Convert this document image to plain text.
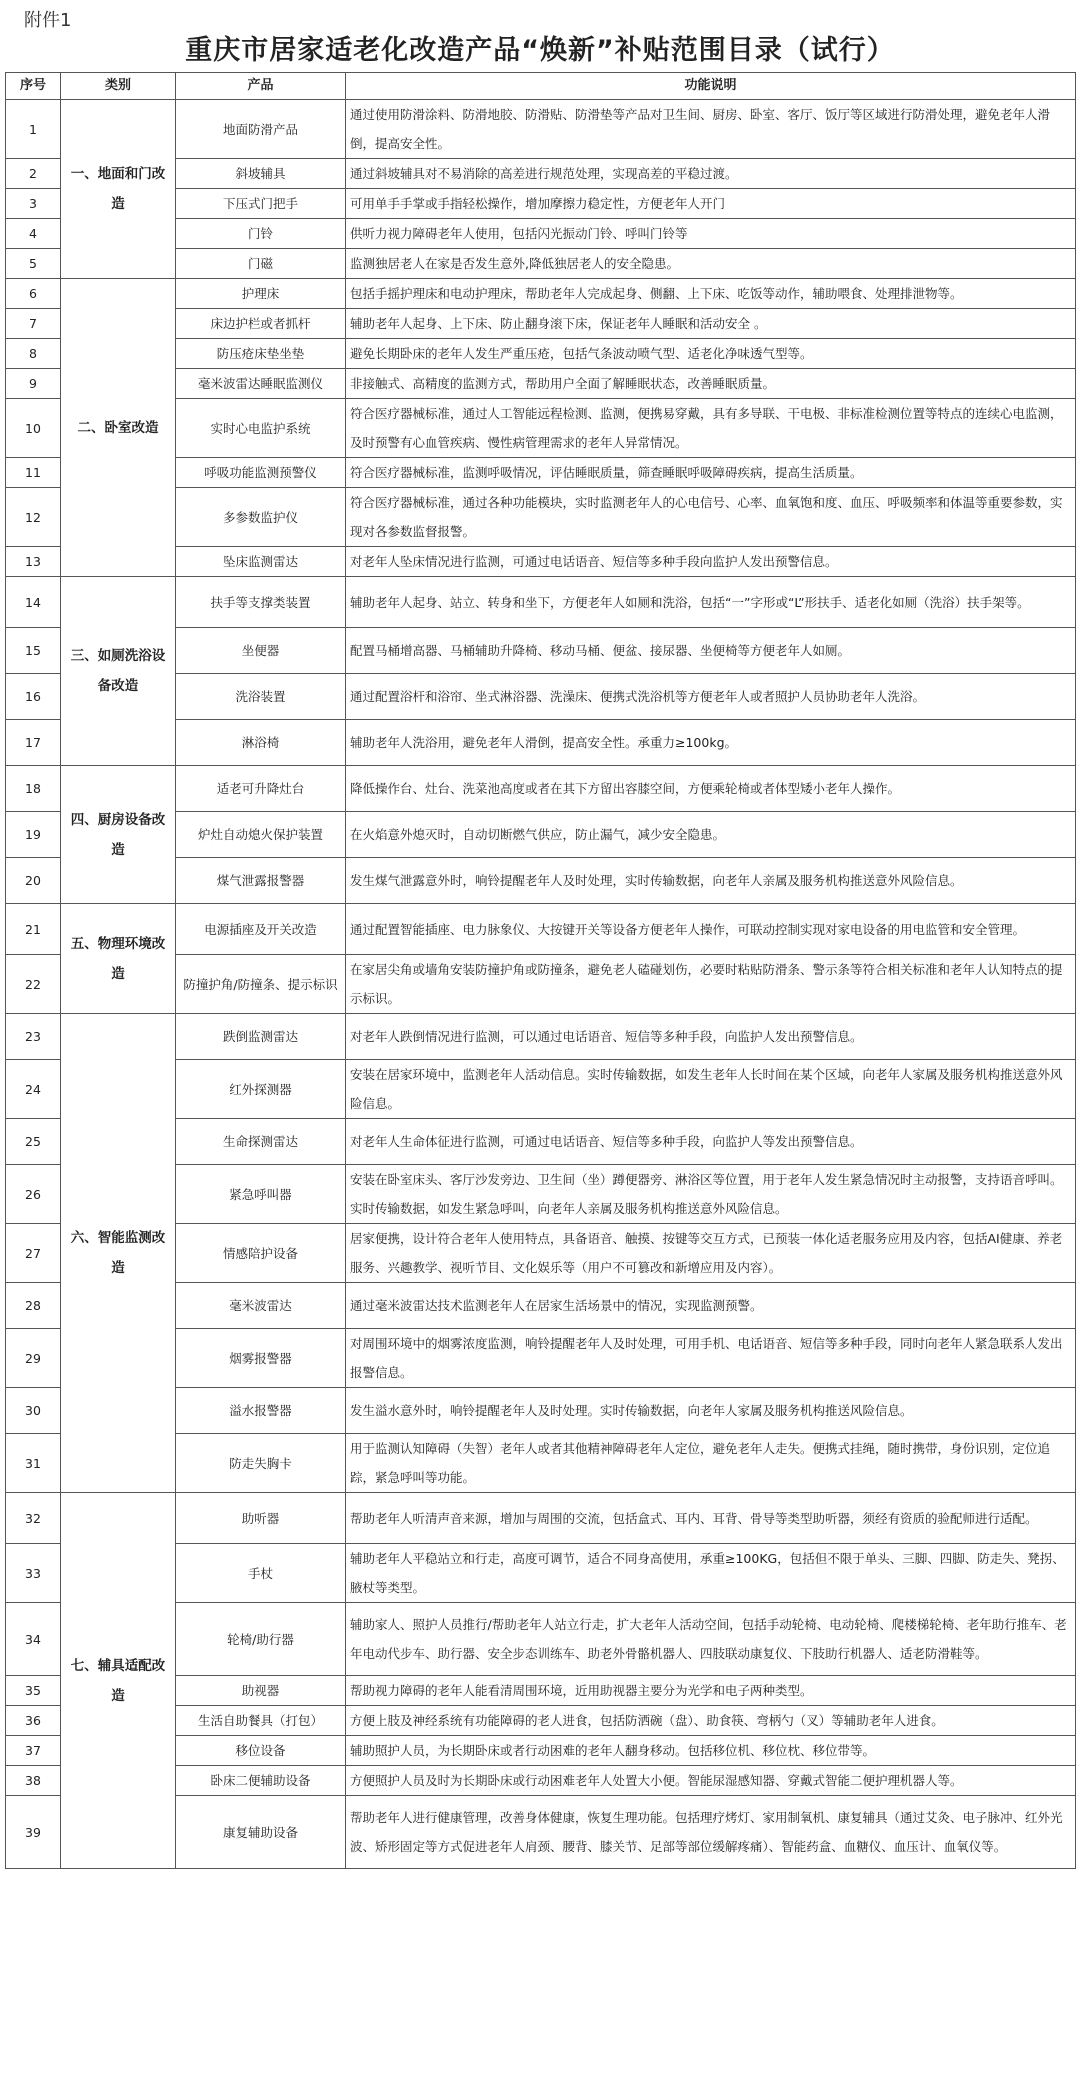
附件1
重庆市居家适老化改造产品“焕新”补贴范围目录（试行）
序号	类别	产品	功能说明
1	一、地面和门改造	地面防滑产品	通过使用防滑涂料、防滑地胶、防滑贴、防滑垫等产品对卫生间、厨房、卧室、客厅、饭厅等区域进行防滑处理，避免老年人滑倒，提高安全性。
2		斜坡辅具	通过斜坡辅具对不易消除的高差进行规范处理，实现高差的平稳过渡。
3		下压式门把手	可用单手手掌或手指轻松操作，增加摩擦力稳定性，方便老年人开门
4		门铃	供听力视力障碍老年人使用，包括闪光振动门铃、呼叫门铃等
5		门磁	监测独居老人在家是否发生意外,降低独居老人的安全隐患。
6	二、卧室改造	护理床	包括手摇护理床和电动护理床，帮助老年人完成起身、侧翻、上下床、吃饭等动作，辅助喂食、处理排泄物等。
7		床边护栏或者抓杆	辅助老年人起身、上下床、防止翻身滚下床，保证老年人睡眠和活动安全 。
8		防压疮床垫坐垫	避免长期卧床的老年人发生严重压疮，包括气条波动喷气型、适老化净味透气型等。
9		毫米波雷达睡眠监测仪	非接触式、高精度的监测方式，帮助用户全面了解睡眠状态，改善睡眠质量。
10		实时心电监护系统	符合医疗器械标准，通过人工智能远程检测、监测，便携易穿戴，具有多导联、干电极、非标准检测位置等特点的连续心电监测，及时预警有心血管疾病、慢性病管理需求的老年人异常情况。
11		呼吸功能监测预警仪	符合医疗器械标准，监测呼吸情况，评估睡眠质量，筛查睡眠呼吸障碍疾病，提高生活质量。
12		多参数监护仪	符合医疗器械标准，通过各种功能模块，实时监测老年人的心电信号、心率、血氧饱和度、血压、呼吸频率和体温等重要参数，实现对各参数监督报警。
13		坠床监测雷达	对老年人坠床情况进行监测，可通过电话语音、短信等多种手段向监护人发出预警信息。
14	三、如厕洗浴设备改造	扶手等支撑类装置	辅助老年人起身、站立、转身和坐下，方便老年人如厕和洗浴，包括“一”字形或“L”形扶手、适老化如厕（洗浴）扶手架等。
15		坐便器	配置马桶增高器、马桶辅助升降椅、移动马桶、便盆、接尿器、坐便椅等方便老年人如厕。
16		洗浴装置	通过配置浴杆和浴帘、坐式淋浴器、洗澡床、便携式洗浴机等方便老年人或者照护人员协助老年人洗浴。
17		淋浴椅	辅助老年人洗浴用，避免老年人滑倒，提高安全性。承重力≥100kg。
18	四、厨房设备改造	适老可升降灶台	降低操作台、灶台、洗菜池高度或者在其下方留出容膝空间，方便乘轮椅或者体型矮小老年人操作。
19		炉灶自动熄火保护装置	在火焰意外熄灭时，自动切断燃气供应，防止漏气，减少安全隐患。
20		煤气泄露报警器	发生煤气泄露意外时，响铃提醒老年人及时处理，实时传输数据，向老年人亲属及服务机构推送意外风险信息。
21	五、物理环境改造	电源插座及开关改造	通过配置智能插座、电力脉象仪、大按键开关等设备方便老年人操作，可联动控制实现对家电设备的用电监管和安全管理。
22		防撞护角/防撞条、提示标识	在家居尖角或墙角安装防撞护角或防撞条，避免老人磕碰划伤，必要时粘贴防滑条、警示条等符合相关标准和老年人认知特点的提示标识。
23	六、智能监测改造	跌倒监测雷达	对老年人跌倒情况进行监测，可以通过电话语音、短信等多种手段，向监护人发出预警信息。
24		红外探测器	安装在居家环境中，监测老年人活动信息。实时传输数据，如发生老年人长时间在某个区域，向老年人家属及服务机构推送意外风险信息。
25		生命探测雷达	对老年人生命体征进行监测，可通过电话语音、短信等多种手段，向监护人等发出预警信息。
26		紧急呼叫器	安装在卧室床头、客厅沙发旁边、卫生间（坐）蹲便器旁、淋浴区等位置，用于老年人发生紧急情况时主动报警，支持语音呼叫。实时传输数据，如发生紧急呼叫，向老年人亲属及服务机构推送意外风险信息。
27		情感陪护设备	居家便携，设计符合老年人使用特点，具备语音、触摸、按键等交互方式，已预装一体化适老服务应用及内容，包括AI健康、养老服务、兴趣教学、视听节目、文化娱乐等（用户不可篡改和新增应用及内容）。
28		毫米波雷达	通过毫米波雷达技术监测老年人在居家生活场景中的情况，实现监测预警。
29		烟雾报警器	对周围环境中的烟雾浓度监测，响铃提醒老年人及时处理，可用手机、电话语音、短信等多种手段，同时向老年人紧急联系人发出报警信息。
30		溢水报警器	发生溢水意外时，响铃提醒老年人及时处理。实时传输数据，向老年人家属及服务机构推送风险信息。
31		防走失胸卡	用于监测认知障碍（失智）老年人或者其他精神障碍老年人定位，避免老年人走失。便携式挂绳，随时携带，身份识别，定位追踪，紧急呼叫等功能。
32	七、辅具适配改造	助听器	帮助老年人听清声音来源，增加与周围的交流，包括盒式、耳内、耳背、骨导等类型助听器，须经有资质的验配师进行适配。
33		手杖	辅助老年人平稳站立和行走，高度可调节，适合不同身高使用，承重≥100KG，包括但不限于单头、三脚、四脚、防走失、凳拐、腋杖等类型。
34		轮椅/助行器	辅助家人、照护人员推行/帮助老年人站立行走，扩大老年人活动空间，包括手动轮椅、电动轮椅、爬楼梯轮椅、老年助行推车、老年电动代步车、助行器、安全步态训练车、助老外骨骼机器人、四肢联动康复仪、下肢助行机器人、适老防滑鞋等。
35		助视器	帮助视力障碍的老年人能看清周围环境，近用助视器主要分为光学和电子两种类型。
36		生活自助餐具（打包）	方便上肢及神经系统有功能障碍的老人进食，包括防洒碗（盘）、助食筷、弯柄勺（叉）等辅助老年人进食。
37		移位设备	辅助照护人员，为长期卧床或者行动困难的老年人翻身移动。包括移位机、移位枕、移位带等。
38		卧床二便辅助设备	方便照护人员及时为长期卧床或行动困难老年人处置大小便。智能尿湿感知器、穿戴式智能二便护理机器人等。
39		康复辅助设备	帮助老年人进行健康管理，改善身体健康，恢复生理功能。包括理疗烤灯、家用制氧机、康复辅具（通过艾灸、电子脉冲、红外光波、矫形固定等方式促进老年人肩颈、腰背、膝关节、足部等部位缓解疼痛）、智能药盒、血糖仪、血压计、血氧仪等。
